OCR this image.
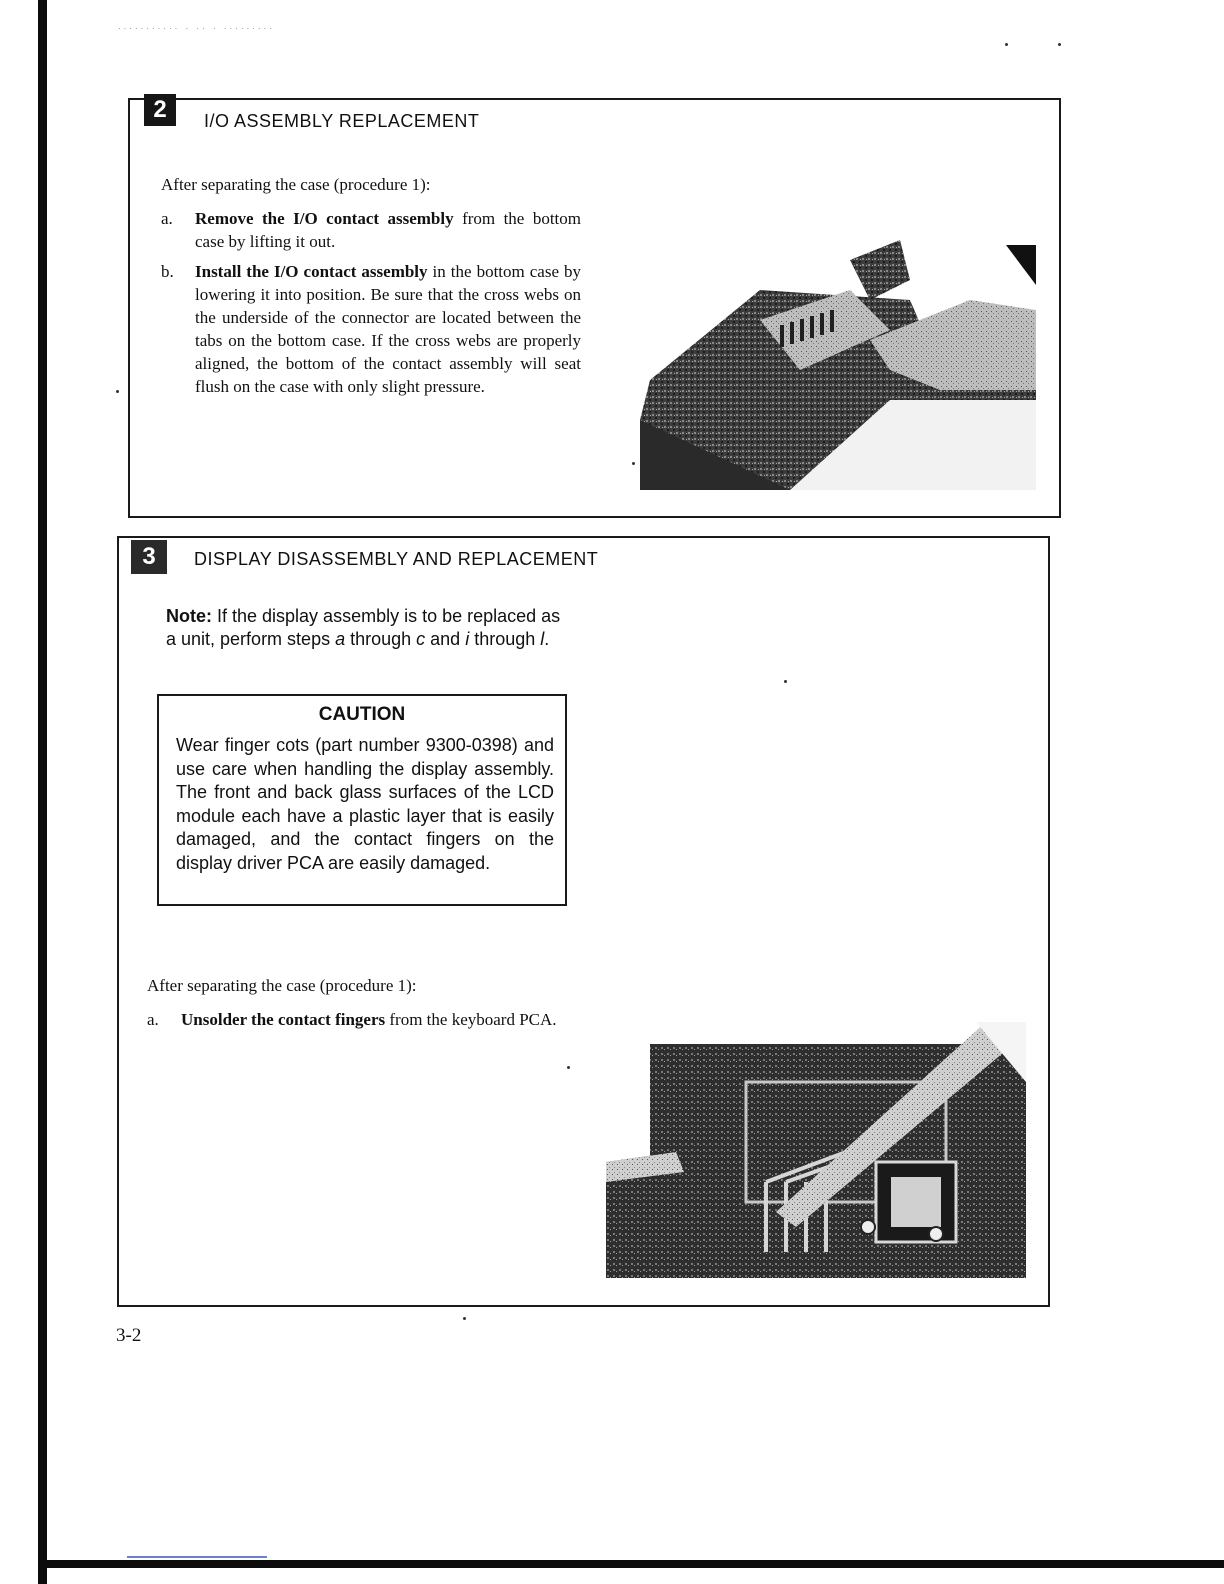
··········· · ·· · ·········
2	I/O ASSEMBLY REPLACEMENT
After separating the case (procedure 1):
a. Remove the I/O contact assembly from the bottom case by lifting it out.
b. Install the I/O contact assembly in the bottom case by lowering it into position. Be sure that the cross webs on the underside of the connector are located between the tabs on the bottom case. If the cross webs are properly aligned, the bottom of the contact assembly will seat flush on the case with only slight pressure.
3	DISPLAY DISASSEMBLY AND REPLACEMENT
Note: If the display assembly is to be replaced as a unit, perform steps a through c and i through l.
CAUTION
Wear finger cots (part number 9300-0398) and use care when handling the display assembly. The front and back glass surfaces of the LCD module each have a plastic layer that is easily damaged, and the contact fingers on the display driver PCA are easily damaged.
After separating the case (procedure 1):
a. Unsolder the contact fingers from the keyboard PCA.
3-2
